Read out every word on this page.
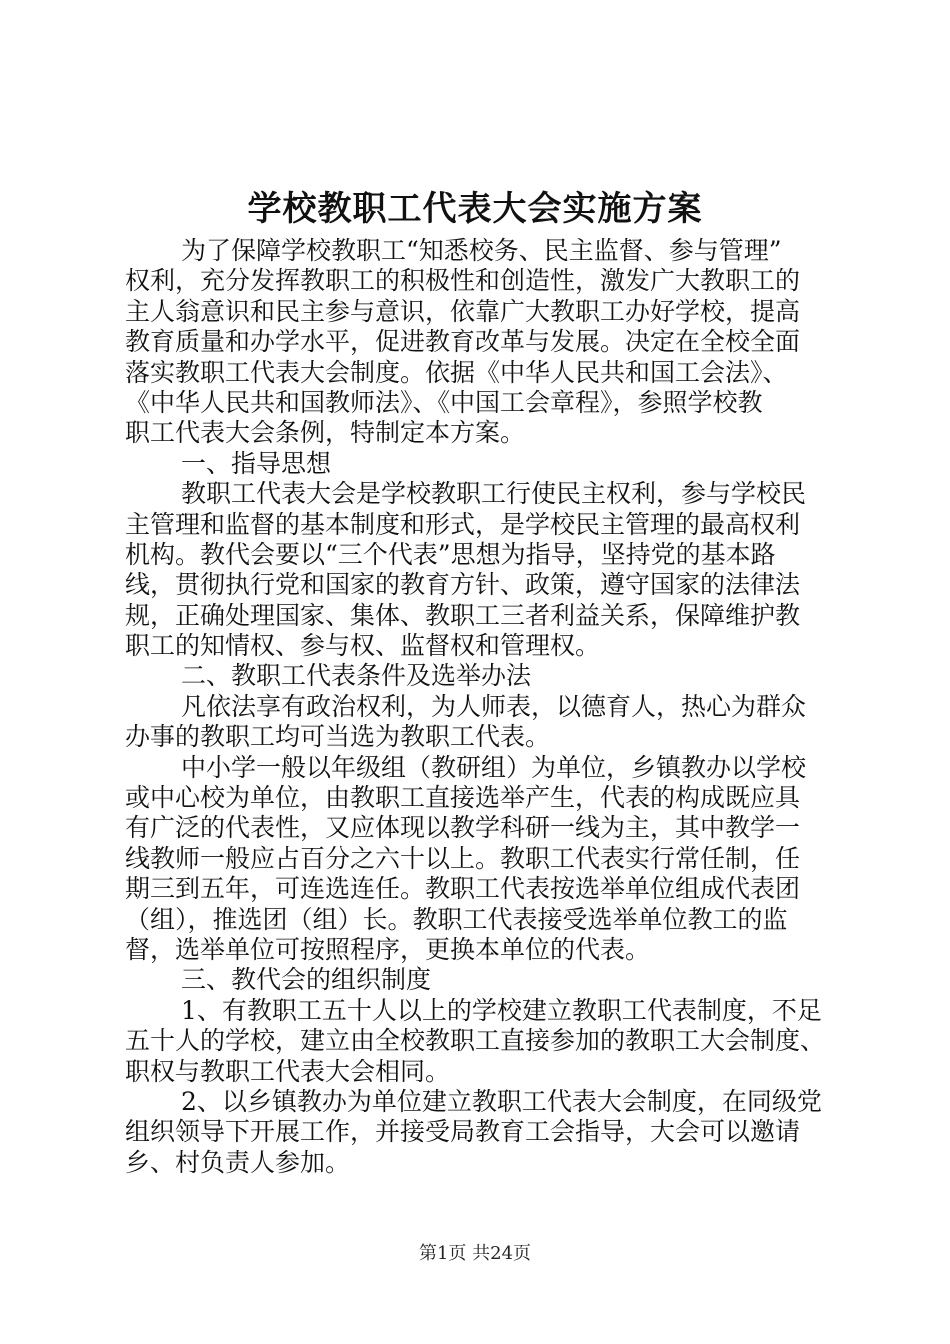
学校教职工代表大会实施方案
为了保障学校教职工“知悉校务、民主监督、参与管理”
权利，充分发挥教职工的积极性和创造性，激发广大教职工的
主人翁意识和民主参与意识，依靠广大教职工办好学校，提高
教育质量和办学水平，促进教育改革与发展。决定在全校全面
落实教职工代表大会制度。依据《中华人民共和国工会法》、
《中华人民共和国教师法》、《中国工会章程》，参照学校教
职工代表大会条例，特制定本方案。
一、指导思想
教职工代表大会是学校教职工行使民主权利，参与学校民
主管理和监督的基本制度和形式，是学校民主管理的最高权利
机构。教代会要以“三个代表”思想为指导，坚持党的基本路
线，贯彻执行党和国家的教育方针、政策，遵守国家的法律法
规，正确处理国家、集体、教职工三者利益关系，保障维护教
职工的知情权、参与权、监督权和管理权。
二、教职工代表条件及选举办法
凡依法享有政治权利，为人师表，以德育人，热心为群众
办事的教职工均可当选为教职工代表。
中小学一般以年级组（教研组）为单位，乡镇教办以学校
或中心校为单位，由教职工直接选举产生，代表的构成既应具
有广泛的代表性，又应体现以教学科研一线为主，其中教学一
线教师一般应占百分之六十以上。教职工代表实行常任制，任
期三到五年，可连选连任。教职工代表按选举单位组成代表团
（组），推选团（组）长。教职工代表接受选举单位教工的监
督，选举单位可按照程序，更换本单位的代表。
三、教代会的组织制度
1、有教职工五十人以上的学校建立教职工代表制度，不足
五十人的学校，建立由全校教职工直接参加的教职工大会制度、
职权与教职工代表大会相同。
2、以乡镇教办为单位建立教职工代表大会制度，在同级党
组织领导下开展工作，并接受局教育工会指导，大会可以邀请
乡、村负责人参加。
第1页 共24页
